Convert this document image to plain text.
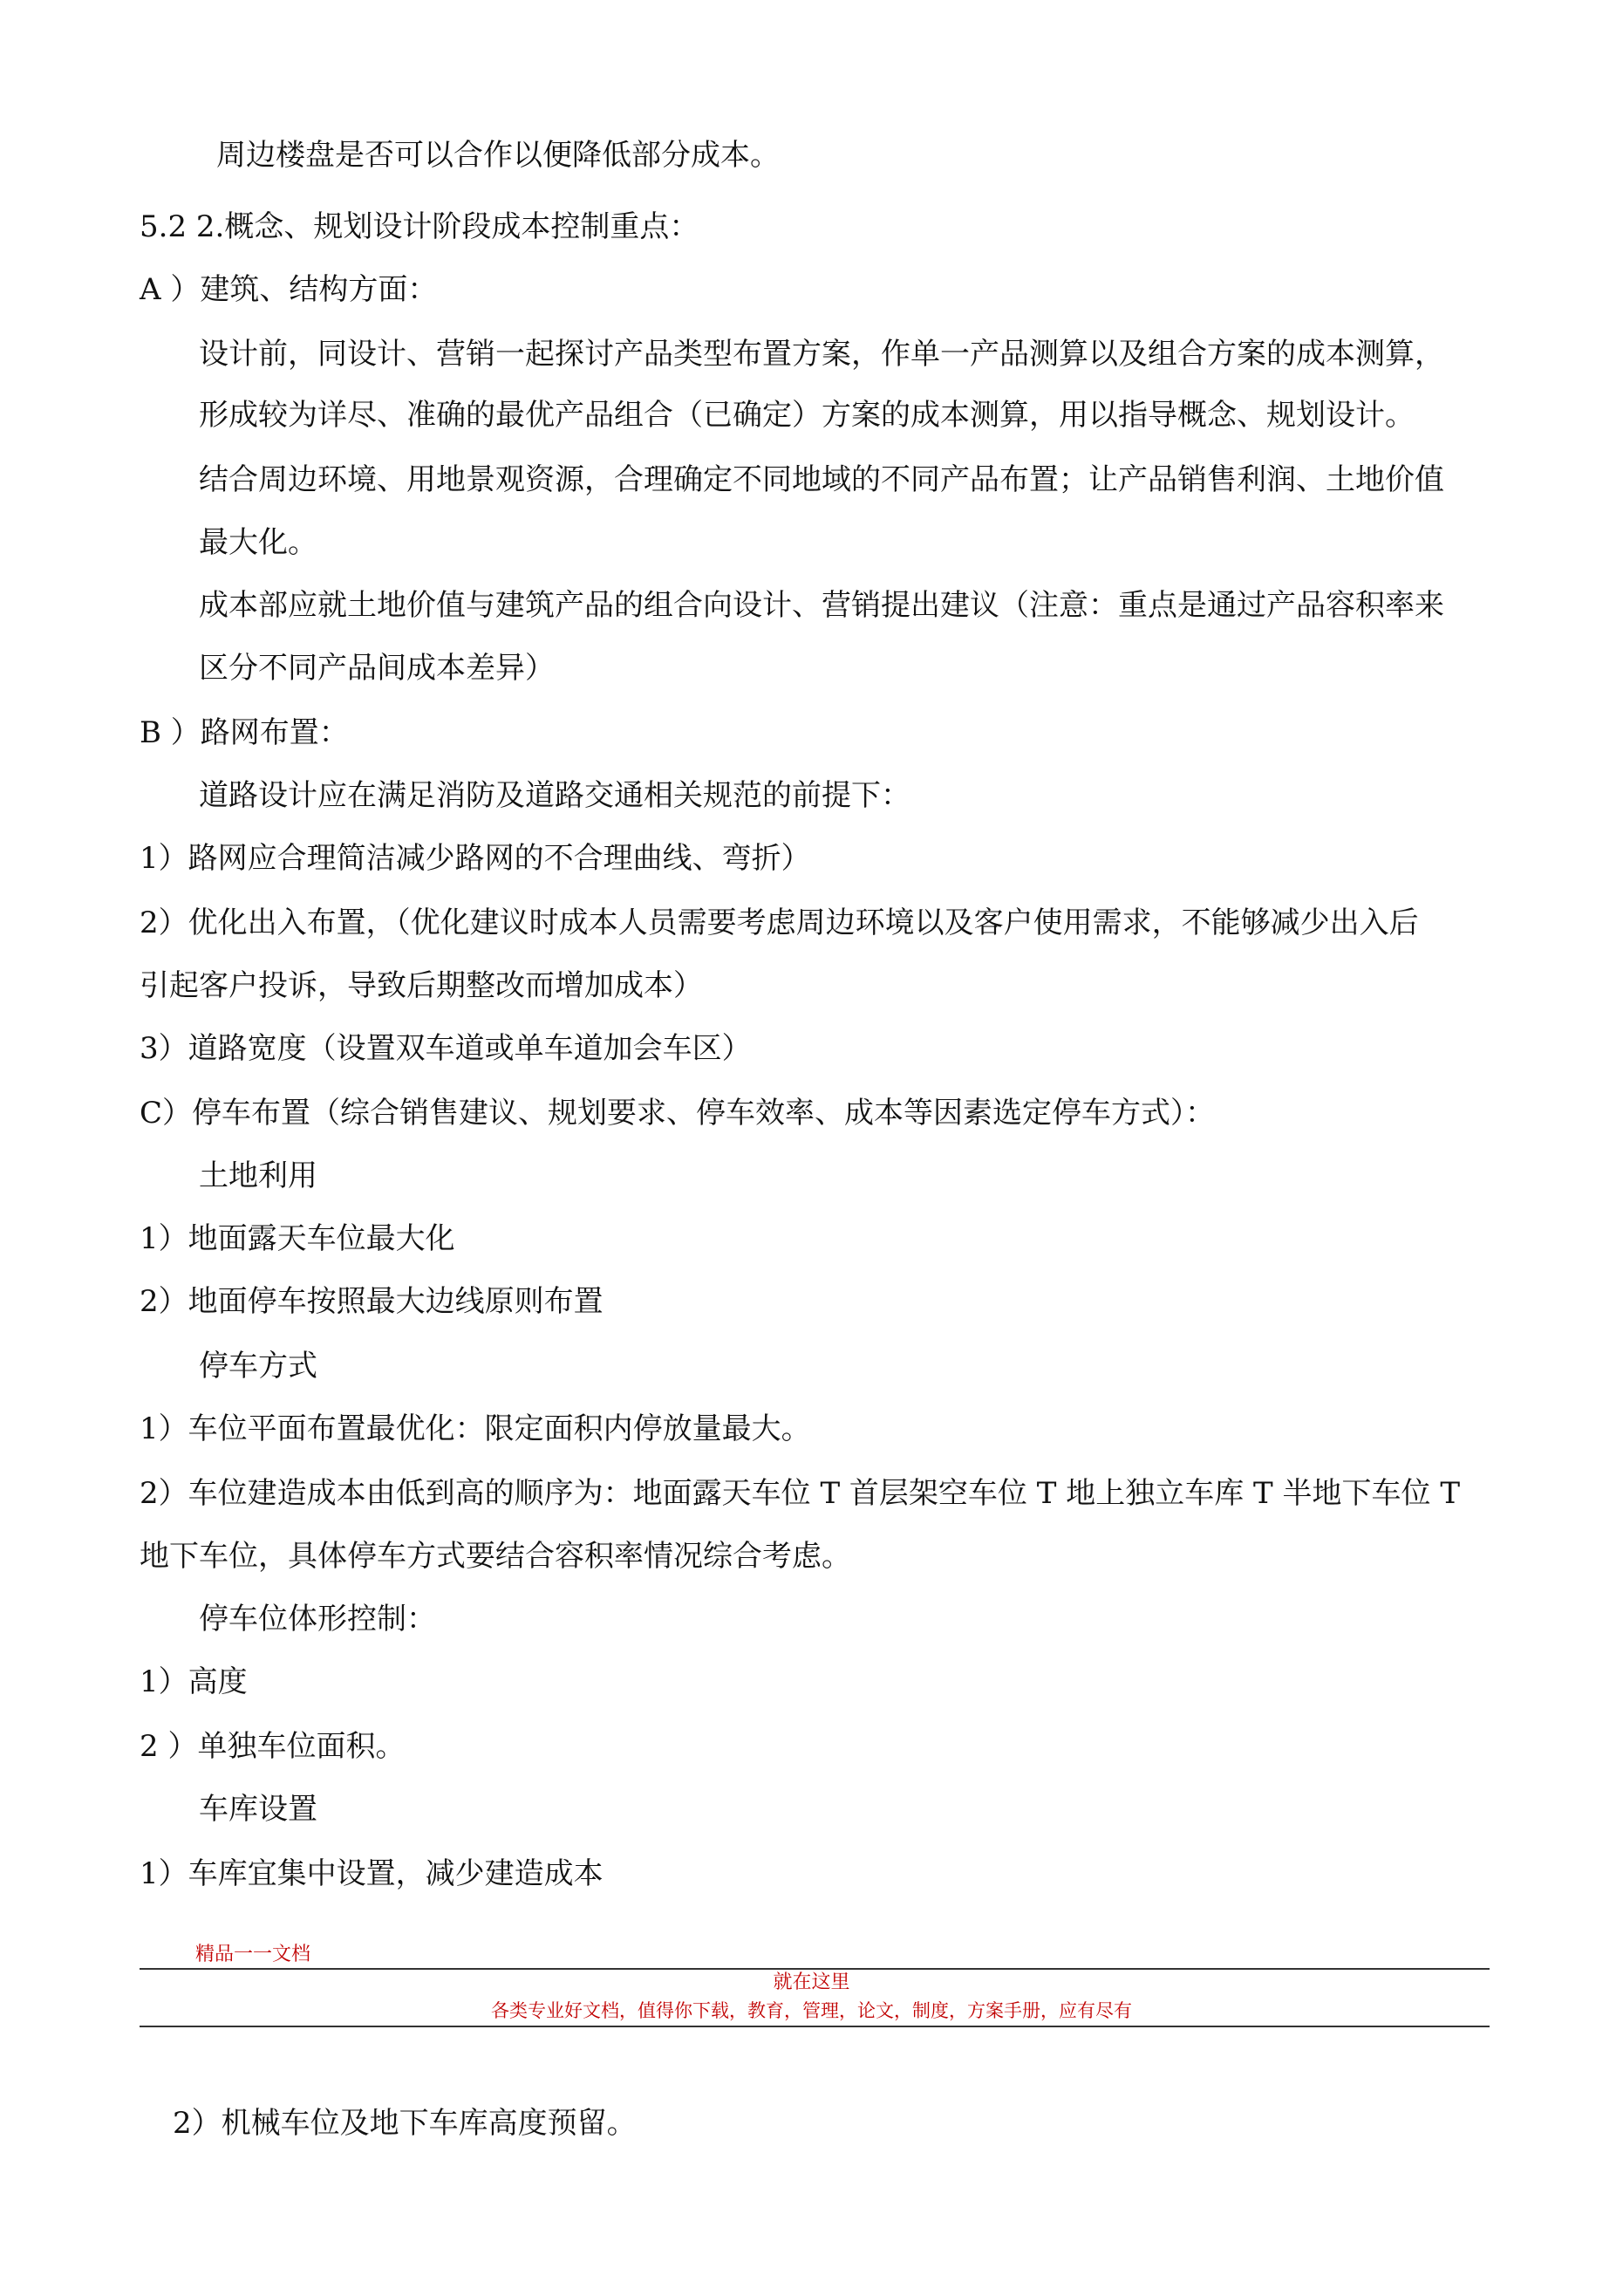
周边楼盘是否可以合作以便降低部分成本。
5.2 2.概念、规划设计阶段成本控制重点：
A ）建筑、结构方面：
设计前，同设计、营销一起探讨产品类型布置方案，作单一产品测算以及组合方案的成本测算，
形成较为详尽、准确的最优产品组合（已确定）方案的成本测算，用以指导概念、规划设计。
结合周边环境、用地景观资源，合理确定不同地域的不同产品布置；让产品销售利润、土地价值
最大化。
成本部应就土地价值与建筑产品的组合向设计、营销提出建议（注意：重点是通过产品容积率来
区分不同产品间成本差异）
B ）路网布置：
道路设计应在满足消防及道路交通相关规范的前提下：
1）路网应合理简洁减少路网的不合理曲线、弯折）
2）优化出入布置，（优化建议时成本人员需要考虑周边环境以及客户使用需求，不能够减少出入后
引起客户投诉，导致后期整改而增加成本）
3）道路宽度（设置双车道或单车道加会车区）
C）停车布置（综合销售建议、规划要求、停车效率、成本等因素选定停车方式）：
土地利用
1）地面露天车位最大化
2）地面停车按照最大边线原则布置
停车方式
1）车位平面布置最优化：限定面积内停放量最大。
2）车位建造成本由低到高的顺序为：地面露天车位 T 首层架空车位 T 地上独立车库 T 半地下车位 T
地下车位，具体停车方式要结合容积率情况综合考虑。
停车位体形控制：
1）高度
2 ）单独车位面积。
车库设置
1）车库宜集中设置，减少建造成本
精品一一文档
就在这里
各类专业好文档，值得你下载，教育，管理，论文，制度，方案手册，应有尽有
2）机械车位及地下车库高度预留。
